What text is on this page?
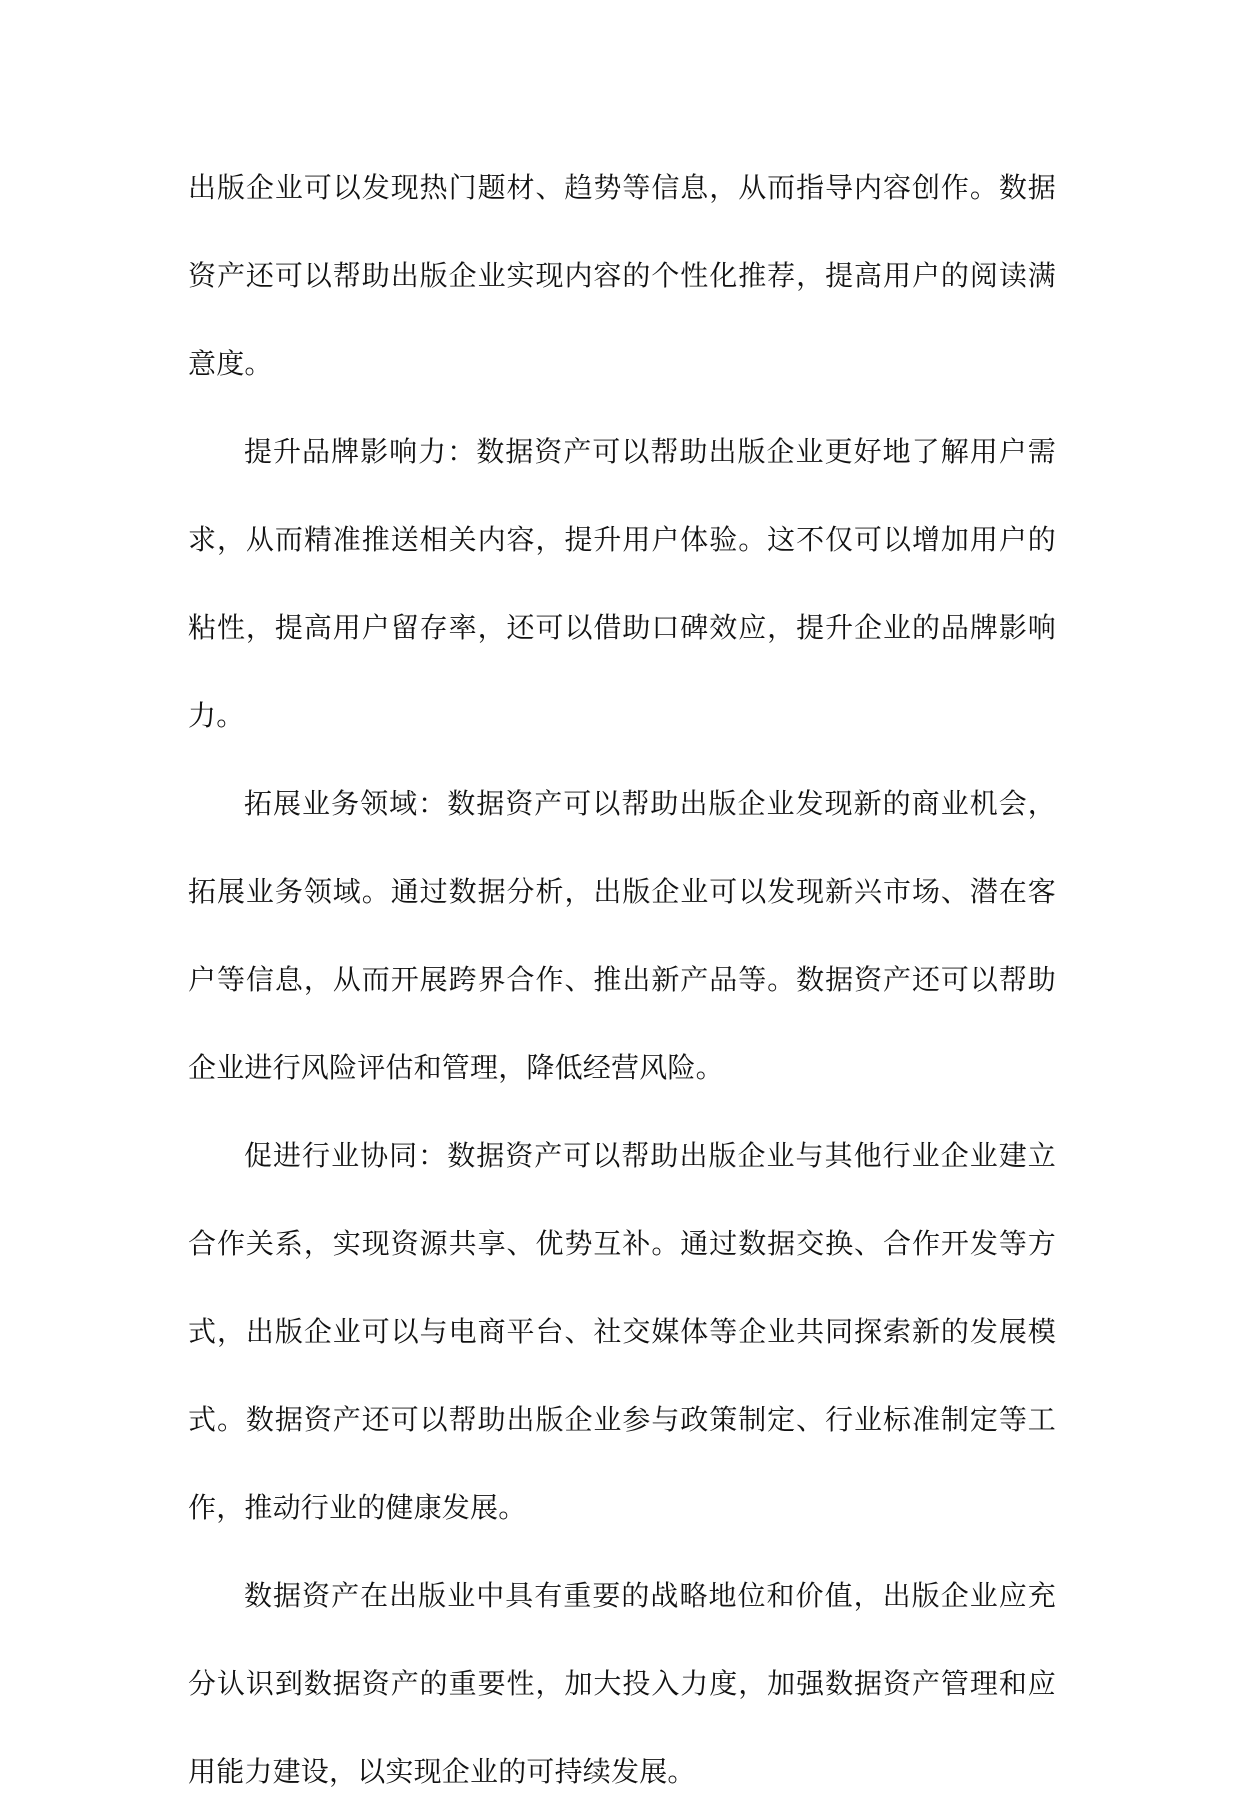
出版企业可以发现热门题材、趋势等信息，从而指导内容创作。数据资产还可以帮助出版企业实现内容的个性化推荐，提高用户的阅读满意度。

提升品牌影响力：数据资产可以帮助出版企业更好地了解用户需求，从而精准推送相关内容，提升用户体验。这不仅可以增加用户的粘性，提高用户留存率，还可以借助口碑效应，提升企业的品牌影响力。

拓展业务领域：数据资产可以帮助出版企业发现新的商业机会，拓展业务领域。通过数据分析，出版企业可以发现新兴市场、潜在客户等信息，从而开展跨界合作、推出新产品等。数据资产还可以帮助企业进行风险评估和管理，降低经营风险。

促进行业协同：数据资产可以帮助出版企业与其他行业企业建立合作关系，实现资源共享、优势互补。通过数据交换、合作开发等方式，出版企业可以与电商平台、社交媒体等企业共同探索新的发展模式。数据资产还可以帮助出版企业参与政策制定、行业标准制定等工作，推动行业的健康发展。

数据资产在出版业中具有重要的战略地位和价值，出版企业应充分认识到数据资产的重要性，加大投入力度，加强数据资产管理和应用能力建设，以实现企业的可持续发展。
